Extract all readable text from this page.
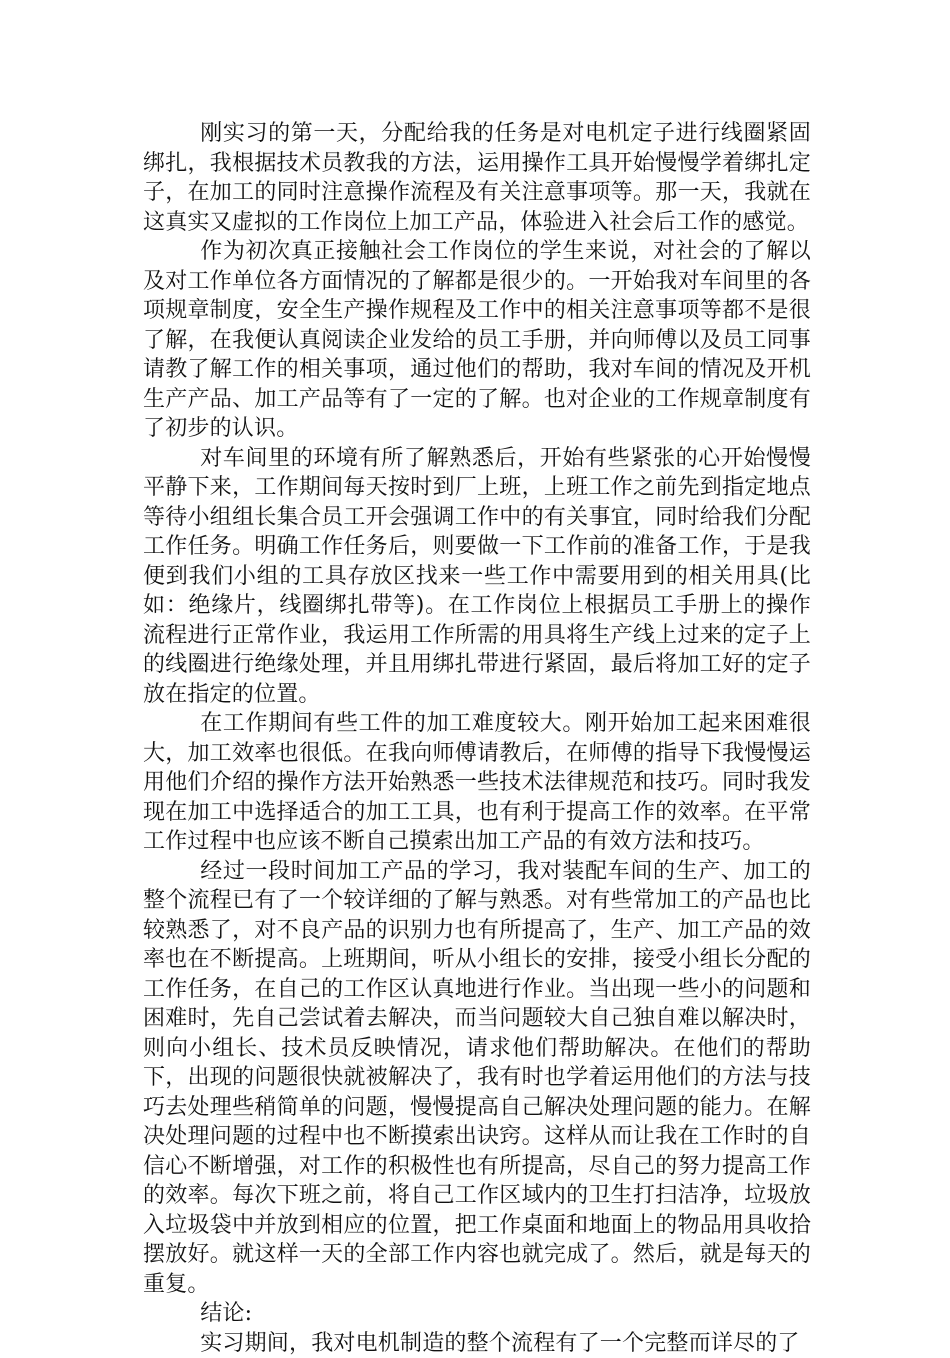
刚实习的第一天，分配给我的任务是对电机定子进行线圈紧固绑扎，我根据技术员教我的方法，运用操作工具开始慢慢学着绑扎定子，在加工的同时注意操作流程及有关注意事项等。那一天，我就在这真实又虚拟的工作岗位上加工产品，体验进入社会后工作的感觉。

作为初次真正接触社会工作岗位的学生来说，对社会的了解以及对工作单位各方面情况的了解都是很少的。一开始我对车间里的各项规章制度，安全生产操作规程及工作中的相关注意事项等都不是很了解，在我便认真阅读企业发给的员工手册，并向师傅以及员工同事请教了解工作的相关事项，通过他们的帮助，我对车间的情况及开机生产产品、加工产品等有了一定的了解。也对企业的工作规章制度有了初步的认识。

对车间里的环境有所了解熟悉后，开始有些紧张的心开始慢慢平静下来，工作期间每天按时到厂上班，上班工作之前先到指定地点等待小组组长集合员工开会强调工作中的有关事宜，同时给我们分配工作任务。明确工作任务后，则要做一下工作前的准备工作，于是我便到我们小组的工具存放区找来一些工作中需要用到的相关用具(比如：绝缘片，线圈绑扎带等)。在工作岗位上根据员工手册上的操作流程进行正常作业，我运用工作所需的用具将生产线上过来的定子上的线圈进行绝缘处理，并且用绑扎带进行紧固，最后将加工好的定子放在指定的位置。

在工作期间有些工件的加工难度较大。刚开始加工起来困难很大，加工效率也很低。在我向师傅请教后，在师傅的指导下我慢慢运用他们介绍的操作方法开始熟悉一些技术法律规范和技巧。同时我发现在加工中选择适合的加工工具，也有利于提高工作的效率。在平常工作过程中也应该不断自己摸索出加工产品的有效方法和技巧。

经过一段时间加工产品的学习，我对装配车间的生产、加工的整个流程已有了一个较详细的了解与熟悉。对有些常加工的产品也比较熟悉了，对不良产品的识别力也有所提高了，生产、加工产品的效率也在不断提高。上班期间，听从小组长的安排，接受小组长分配的工作任务，在自己的工作区认真地进行作业。当出现一些小的问题和困难时，先自己尝试着去解决，而当问题较大自己独自难以解决时，则向小组长、技术员反映情况，请求他们帮助解决。在他们的帮助下，出现的问题很快就被解决了，我有时也学着运用他们的方法与技巧去处理些稍简单的问题，慢慢提高自己解决处理问题的能力。在解决处理问题的过程中也不断摸索出诀窍。这样从而让我在工作时的自信心不断增强，对工作的积极性也有所提高，尽自己的努力提高工作的效率。每次下班之前，将自己工作区域内的卫生打扫洁净，垃圾放入垃圾袋中并放到相应的位置，把工作桌面和地面上的物品用具收拾摆放好。就这样一天的全部工作内容也就完成了。然后，就是每天的重复。

结论:

实习期间，我对电机制造的整个流程有了一个完整而详尽的了
